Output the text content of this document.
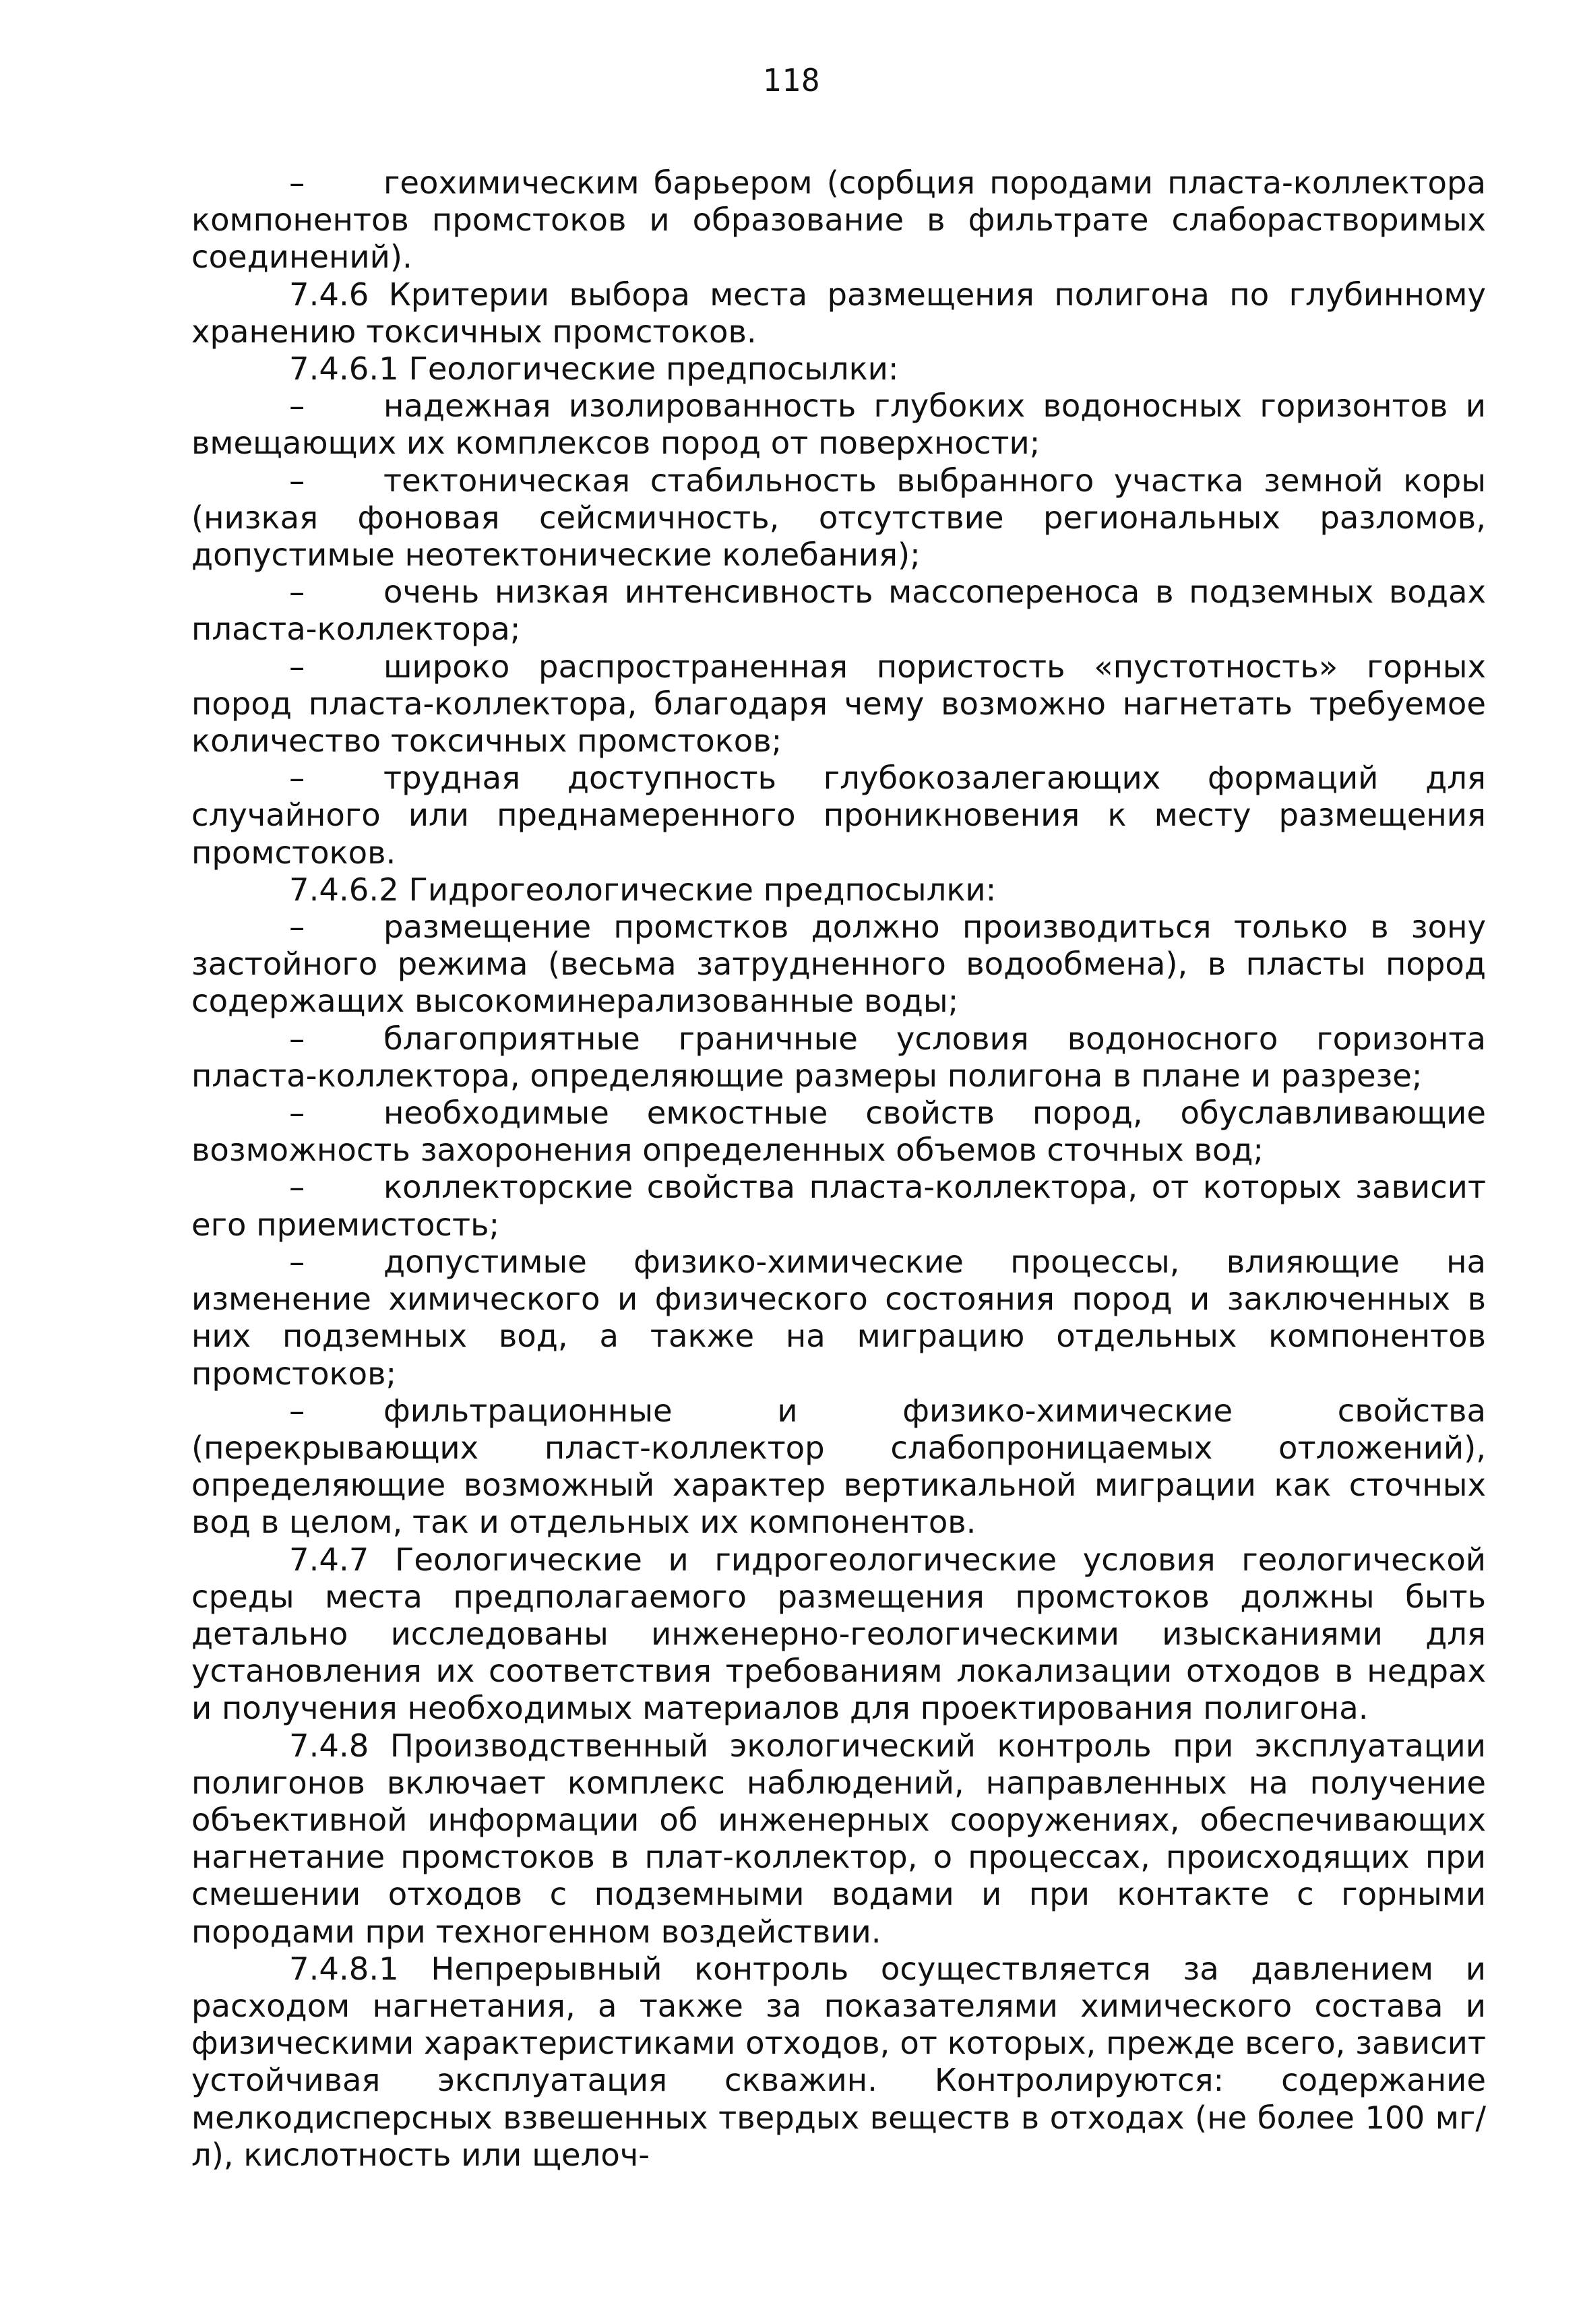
118

–	геохимическим барьером (сорбция породами пласта-коллектора компонентов промстоков и образование в фильтрате слаборастворимых соединений).

7.4.6 Критерии выбора места размещения полигона по глубинному хранению токсичных промстоков.

7.4.6.1 Геологические предпосылки:

–	надежная изолированность глубоких водоносных горизонтов и вмещающих их комплексов пород от поверхности;

–	тектоническая стабильность выбранного участка земной коры (низкая фоновая сейсмичность, отсутствие региональных разломов, допустимые неотектонические колебания);

–	очень низкая интенсивность массопереноса в подземных водах пласта-коллектора;

–	широко распространенная пористость «пустотность» горных пород пласта-коллектора, благодаря чему возможно нагнетать требуемое количество токсичных промстоков;

–	трудная доступность глубокозалегающих формаций для случайного или преднамеренного проникновения к месту размещения промстоков.

7.4.6.2 Гидрогеологические предпосылки:

–	размещение промстков должно производиться только в зону застойного режима (весьма затрудненного водообмена), в пласты пород содержащих высокоминерализованные воды;

–	благоприятные граничные условия водоносного горизонта пласта-коллектора, определяющие размеры полигона в плане и разрезе;

–	необходимые емкостные свойств пород, обуславливающие возможность захоронения определенных объемов сточных вод;

–	коллекторские свойства пласта-коллектора, от которых зависит его приемистость;

–	допустимые физико-химические процессы, влияющие на изменение химического и физического состояния пород и заключенных в них подземных вод, а также на миграцию отдельных компонентов промстоков;

–	фильтрационные и физико-химические свойства (перекрывающих пласт-коллектор слабопроницаемых отложений), определяющие возможный характер вертикальной миграции как сточных вод в целом, так и отдельных их компонентов.

7.4.7 Геологические и гидрогеологические условия геологической среды места предполагаемого размещения промстоков должны быть детально исследованы инженерно-геологическими изысканиями для установления их соответствия требованиям локализации отходов в недрах и получения необходимых материалов для проектирования полигона.

7.4.8 Производственный экологический контроль при эксплуатации полигонов включает комплекс наблюдений, направленных на получение объективной информации об инженерных сооружениях, обеспечивающих нагнетание промстоков в плат-коллектор, о процессах, происходящих при смешении отходов с подземными водами и при контакте с горными породами при техногенном воздействии.

7.4.8.1 Непрерывный контроль осуществляется за давлением и расходом нагнетания, а также за показателями химического состава и физическими характеристиками отходов, от которых, прежде всего, зависит устойчивая эксплуатация скважин. Контролируются: содержание мелкодисперсных взвешенных твердых веществ в отходах (не более 100 мг/л), кислотность или щелоч-
